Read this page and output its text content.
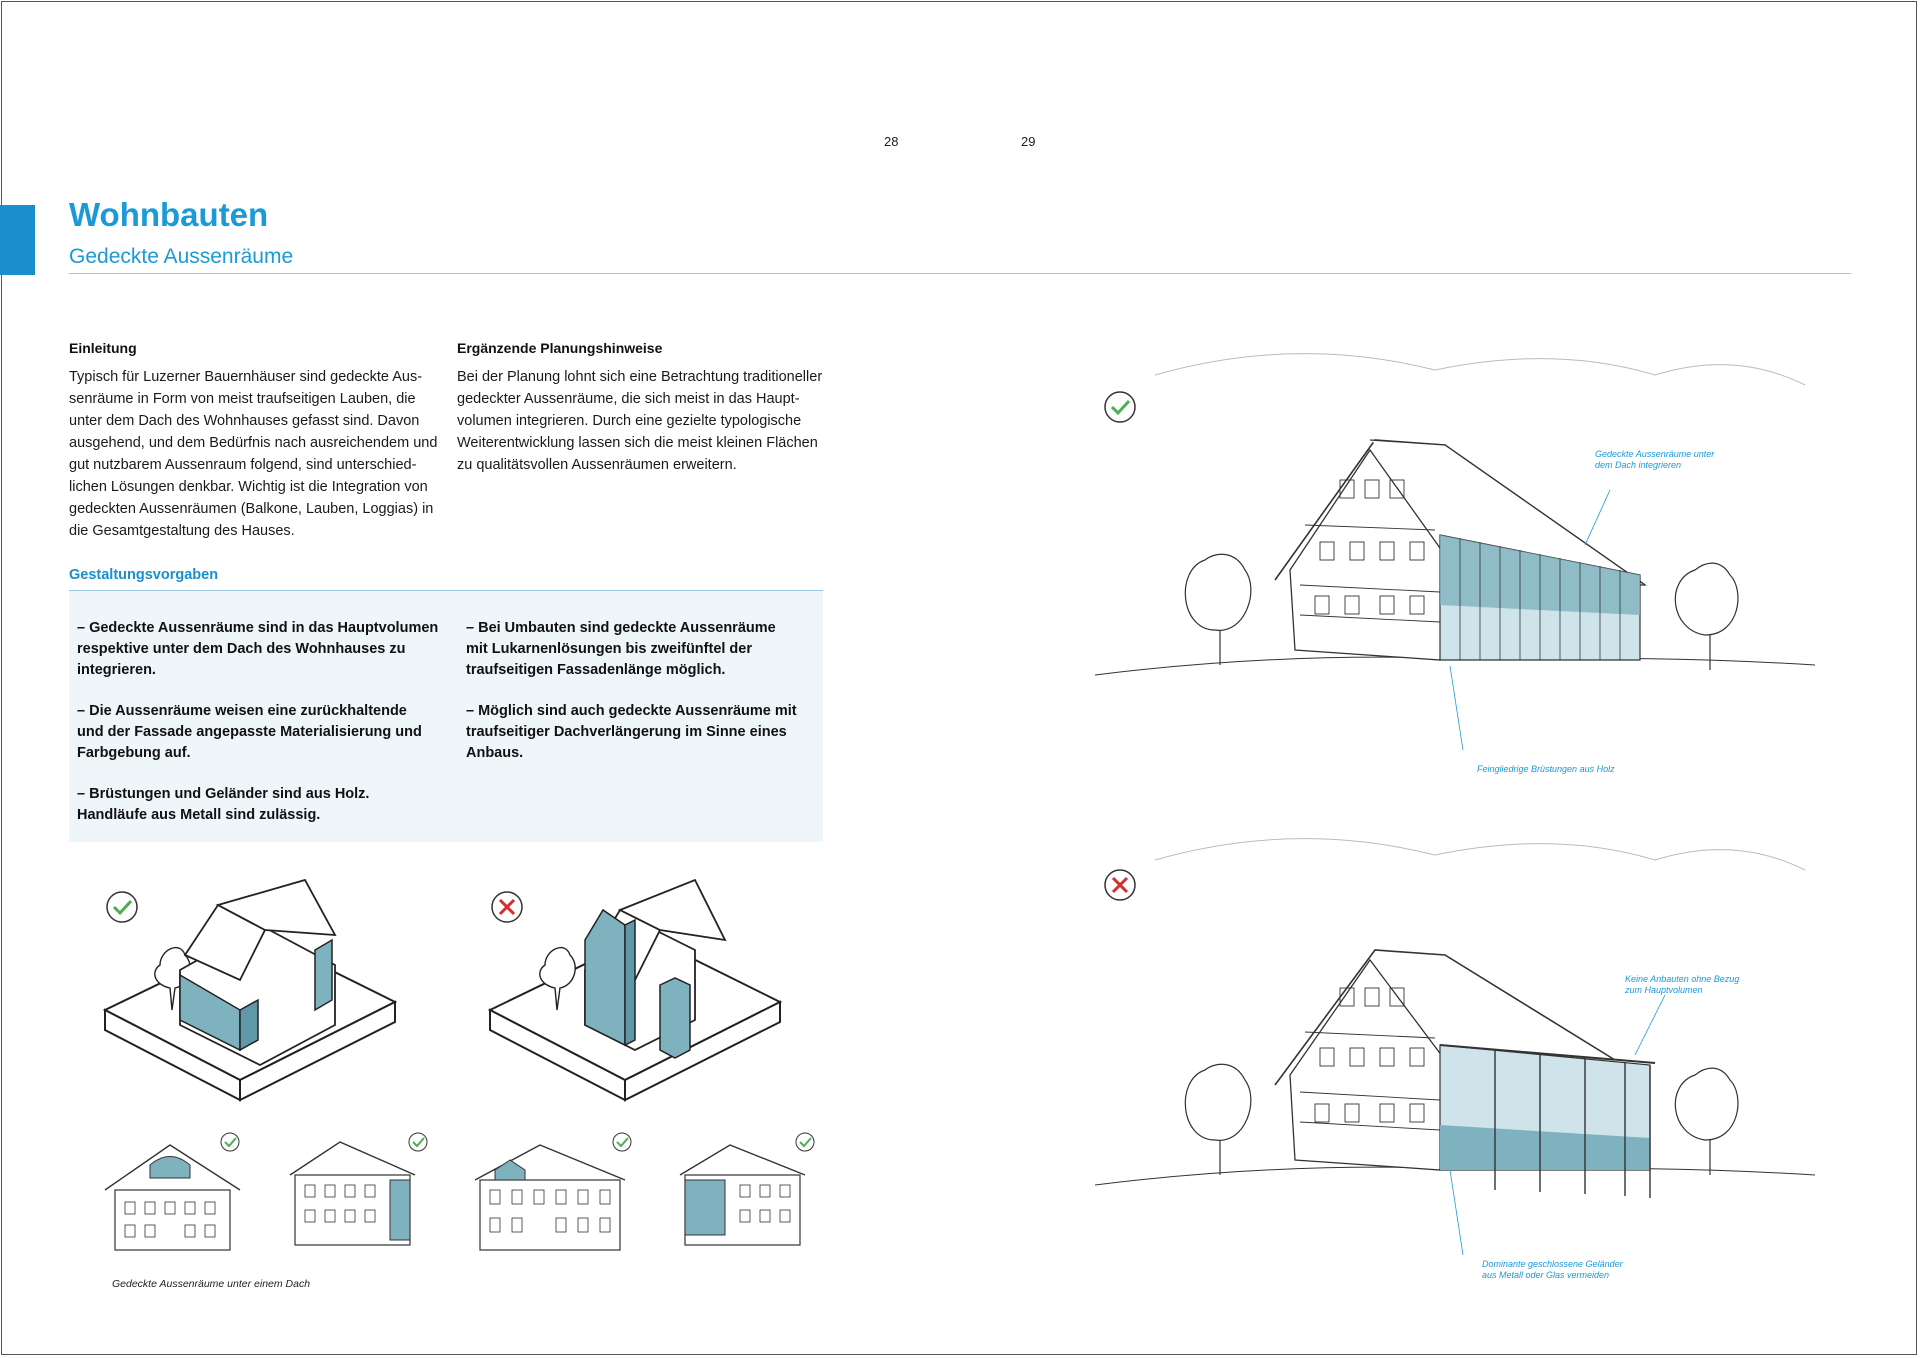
28	29
Wohnbauten
Gedeckte Aussenräume
Einleitung
Typisch für Luzerner Bauernhäuser sind gedeckte Aus-
senräume in Form von meist traufseitigen Lauben, die
unter dem Dach des Wohnhauses gefasst sind. Davon
ausgehend, und dem Bedürfnis nach ausreichendem und
gut nutzbarem Aussenraum folgend, sind unterschied-
lichen Lösungen denkbar. Wichtig ist die Integration von
gedeckten Aussenräumen (Balkone, Lauben, Loggias) in
die Gesamtgestaltung des Hauses.
Ergänzende Planungshinweise
Bei der Planung lohnt sich eine Betrachtung traditioneller
gedeckter Aussenräume, die sich meist in das Haupt-
volumen integrieren. Durch eine gezielte typologische
Weiterentwicklung lassen sich die meist kleinen Flächen
zu qualitätsvollen Aussenräumen erweitern.
Gestaltungsvorgaben
– Gedeckte Aussenräume sind in das Hauptvolumen
respektive unter dem Dach des Wohnhauses zu
integrieren.
– Die Aussenräume weisen eine zurückhaltende
und der Fassade angepasste Materialisierung und
Farbgebung auf.
– Brüstungen und Geländer sind aus Holz.
Handläufe aus Metall sind zulässig.
– Bei Umbauten sind gedeckte Aussenräume
mit Lukarnenlösungen bis zweifünftel der
traufseitigen Fassadenlänge möglich.
– Möglich sind auch gedeckte Aussenräume mit
traufseitiger Dachverlängerung im Sinne eines
Anbaus.
Gedeckte Aussenräume unter einem Dach
Gedeckte Aussenräume unter
dem Dach integrieren
Feingliedrige Brüstungen aus Holz
Keine Anbauten ohne Bezug
zum Hauptvolumen
Dominante geschlossene Geländer
aus Metall oder Glas vermeiden
